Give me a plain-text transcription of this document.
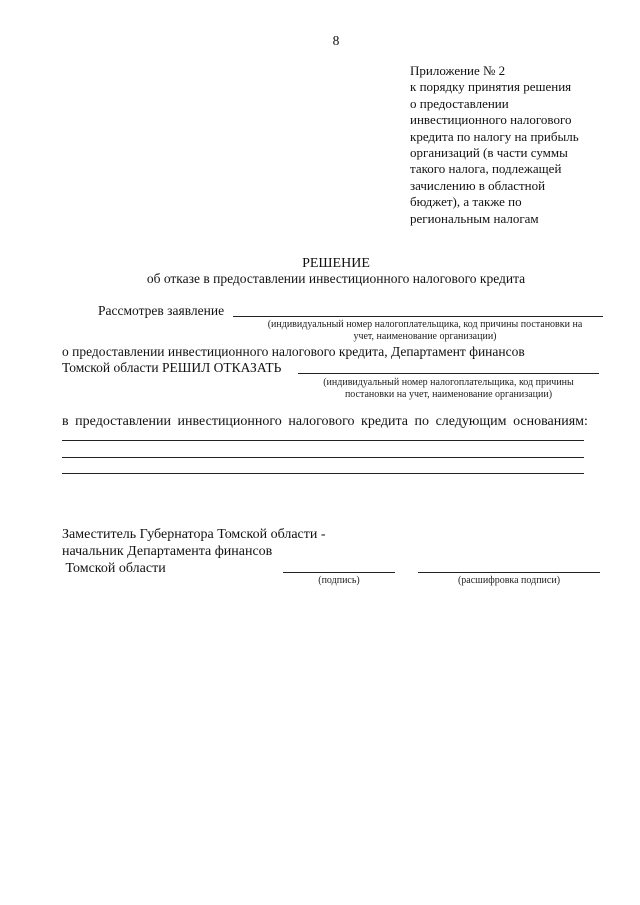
8
Приложение № 2
к порядку принятия решения
о предоставлении
инвестиционного налогового
кредита по налогу на прибыль
организаций (в части суммы
такого налога, подлежащей
зачислению в областной
бюджет), а также по
региональным налогам
РЕШЕНИЕ
об отказе в предоставлении инвестиционного налогового кредита
Рассмотрев заявление
(индивидуальный номер налогоплательщика, код причины постановки на
учет, наименование организации)
о предоставлении инвестиционного налогового кредита, Департамент финансов
Томской области РЕШИЛ ОТКАЗАТЬ
(индивидуальный номер налогоплательщика, код причины
постановки на учет, наименование организации)
в предоставлении инвестиционного налогового кредита по следующим основаниям:
Заместитель Губернатора Томской области -
начальник Департамента финансов
Томской области
(подпись)	(расшифровка подписи)
